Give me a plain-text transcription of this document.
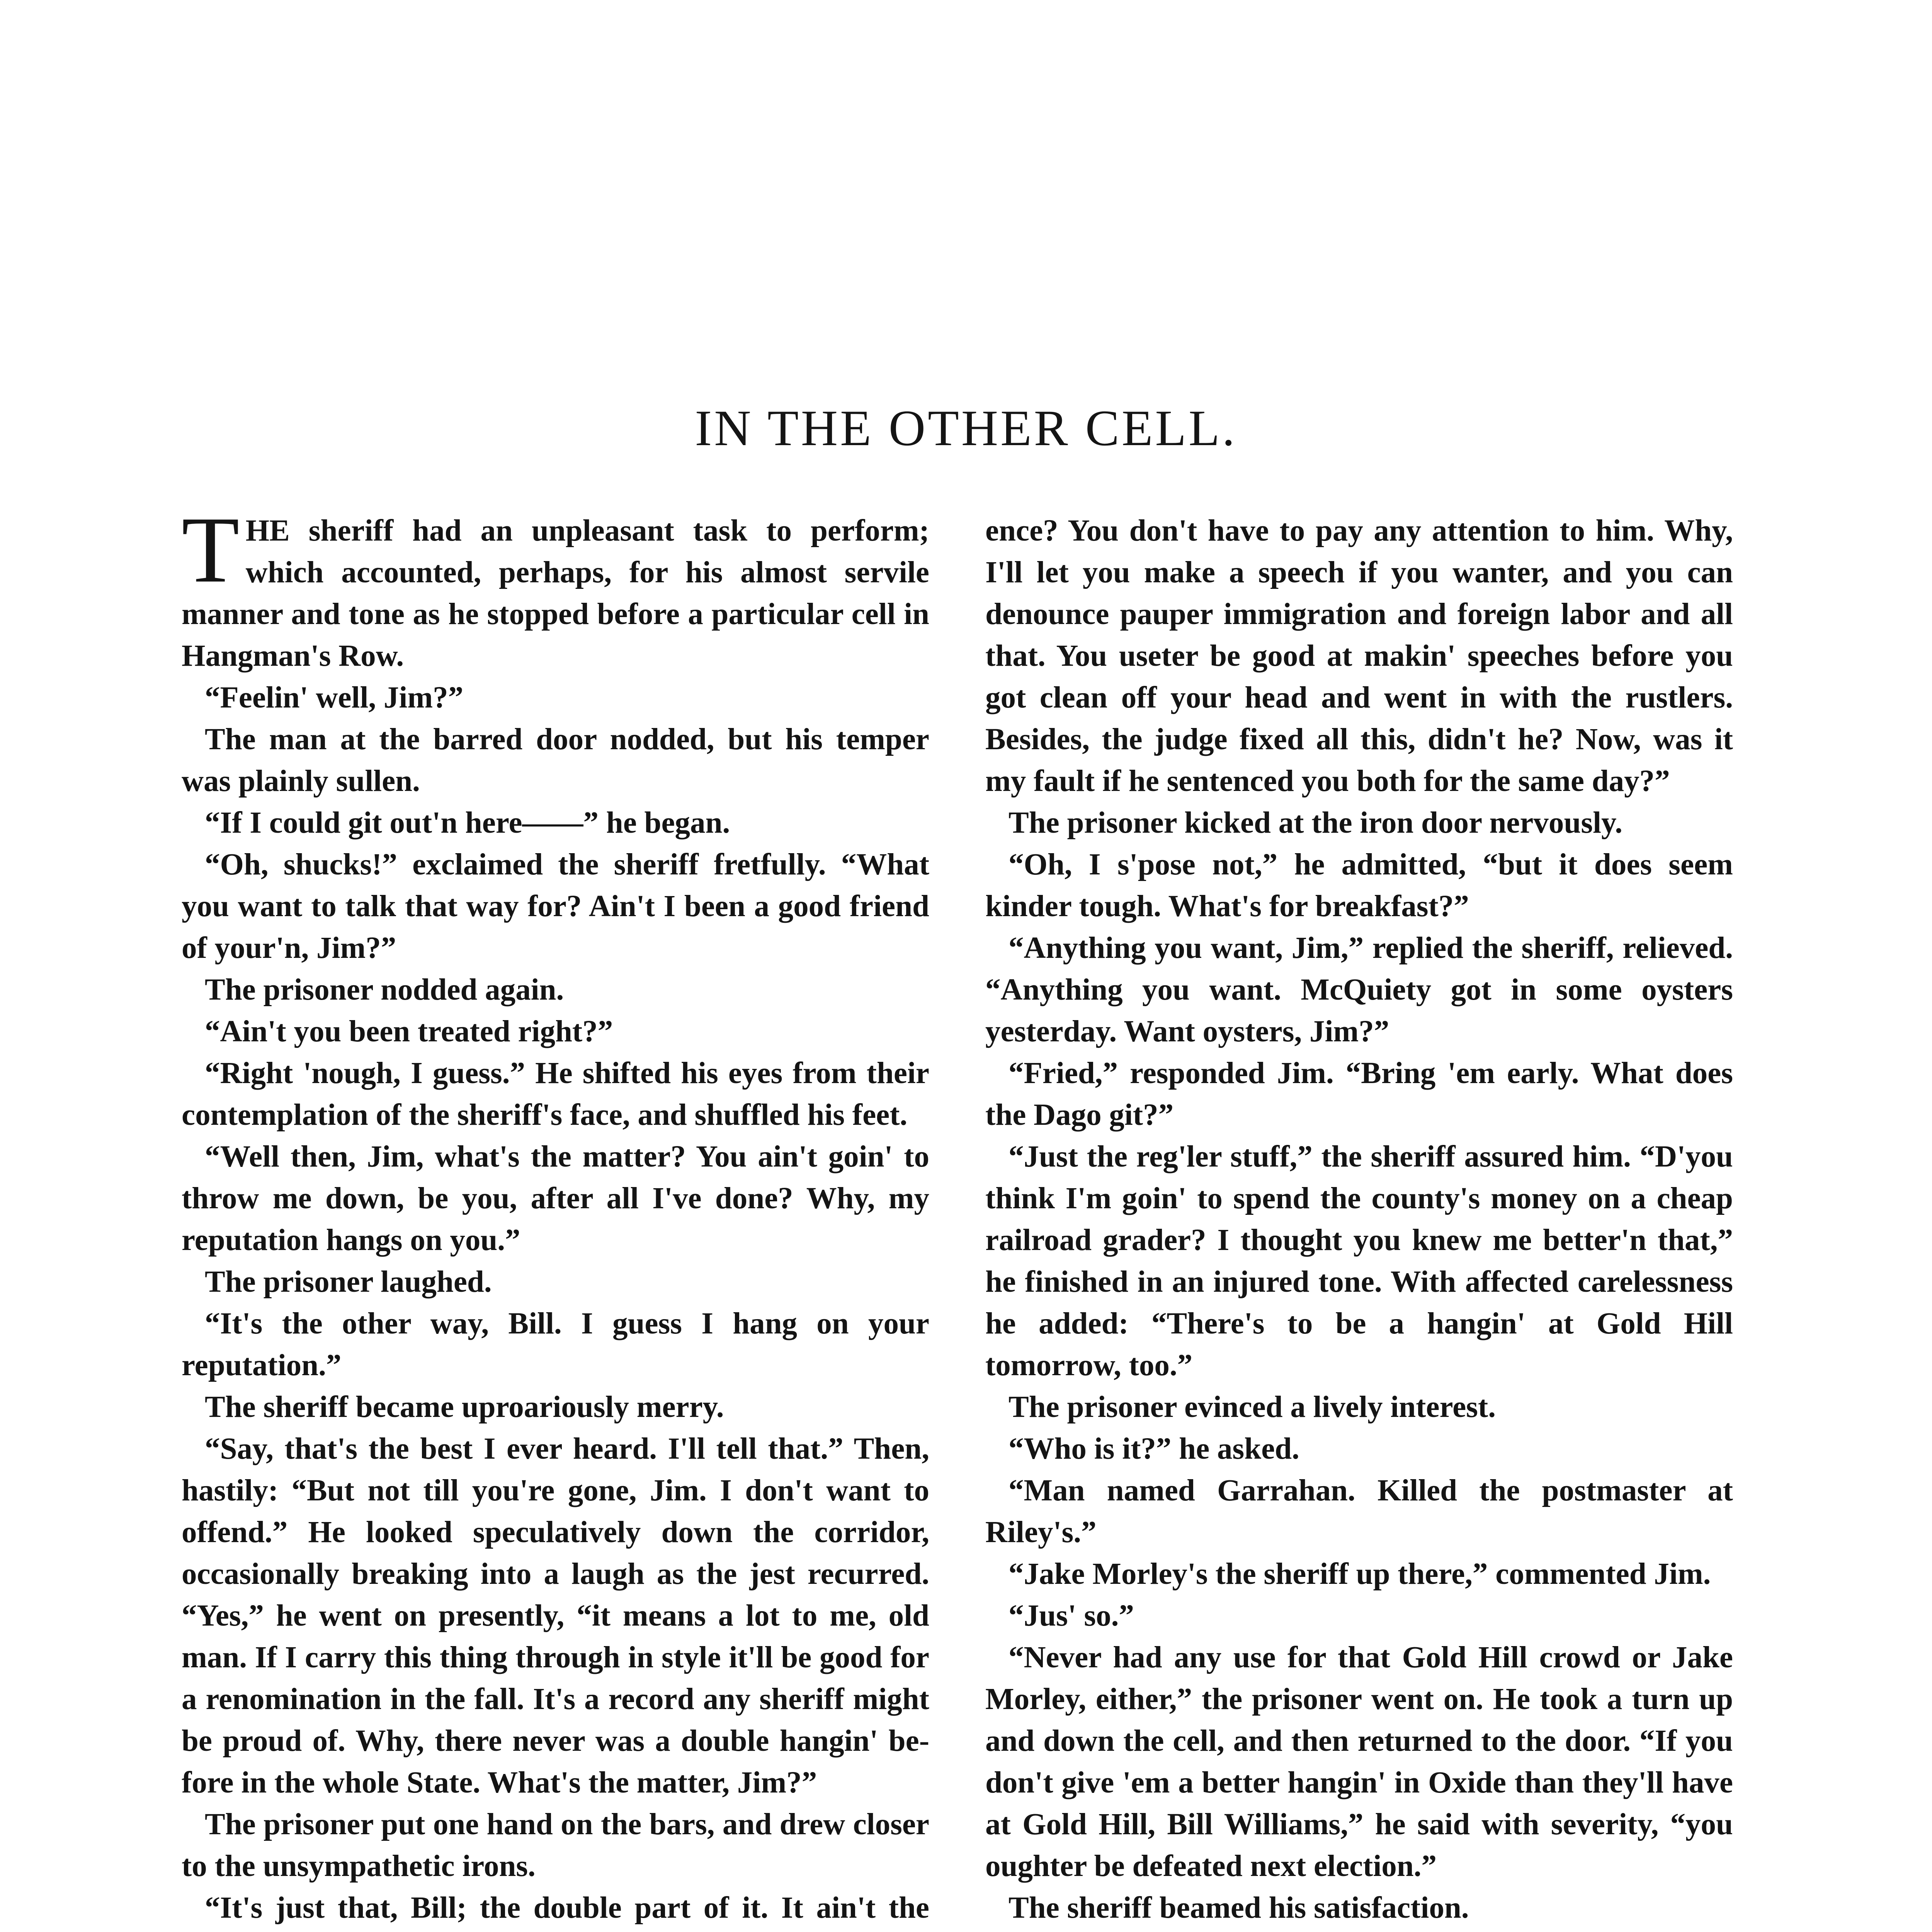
IN THE OTHER CELL.

THE sheriff had an unpleasant task to perform; which accounted, perhaps, for his almost servile manner and tone as he stopped before a particular cell in Hangman's Row.

“Feelin' well, Jim?”

The man at the barred door nodded, but his temper was plainly sullen.

“If I could git out'n here——” he began.

“Oh, shucks!” exclaimed the sheriff fretfully. “What you want to talk that way for? Ain't I been a good friend of your'n, Jim?”

The prisoner nodded again.

“Ain't you been treated right?”

“Right 'nough, I guess.” He shifted his eyes from their contemplation of the sheriff's face, and shuffled his feet.

“Well then, Jim, what's the matter? You ain't goin' to throw me down, be you, after all I've done? Why, my reputation hangs on you.”

The prisoner laughed.

“It's the other way, Bill. I guess I hang on your reputation.”

The sheriff became uproariously merry.

“Say, that's the best I ever heard. I'll tell that.” Then, hastily: “But not till you're gone, Jim. I don't want to offend.” He looked speculatively down the corridor, occasionally breaking into a laugh as the jest recurred. “Yes,” he went on presently, “it means a lot to me, old man. If I carry this thing through in style it'll be good for a renomination in the fall. It's a record any sheriff might be proud of. Why, there never was a double hangin' before in the whole State. What's the matter, Jim?”

The prisoner put one hand on the bars, and drew closer to the unsympathetic irons.

“It's just that, Bill; the double part of it. It ain't the

ence? You don't have to pay any attention to him. Why, I'll let you make a speech if you wanter, and you can denounce pauper immigration and foreign labor and all that. You useter be good at makin' speeches before you got clean off your head and went in with the rustlers. Besides, the judge fixed all this, didn't he? Now, was it my fault if he sentenced you both for the same day?”

The prisoner kicked at the iron door nervously.

“Oh, I s'pose not,” he admitted, “but it does seem kinder tough. What's for breakfast?”

“Anything you want, Jim,” replied the sheriff, relieved. “Anything you want. McQuiety got in some oysters yesterday. Want oysters, Jim?”

“Fried,” responded Jim. “Bring 'em early. What does the Dago git?”

“Just the reg'ler stuff,” the sheriff assured him. “D'you think I'm goin' to spend the county's money on a cheap railroad grader? I thought you knew me better'n that,” he finished in an injured tone. With affected carelessness he added: “There's to be a hangin' at Gold Hill tomorrow, too.”

The prisoner evinced a lively interest.

“Who is it?” he asked.

“Man named Garrahan. Killed the postmaster at Riley's.”

“Jake Morley's the sheriff up there,” commented Jim.

“Jus' so.”

“Never had any use for that Gold Hill crowd or Jake Morley, either,” the prisoner went on. He took a turn up and down the cell, and then returned to the door. “If you don't give 'em a better hangin' in Oxide than they'll have at Gold Hill, Bill Williams,” he said with severity, “you oughter be defeated next election.”

The sheriff beamed his satisfaction.
